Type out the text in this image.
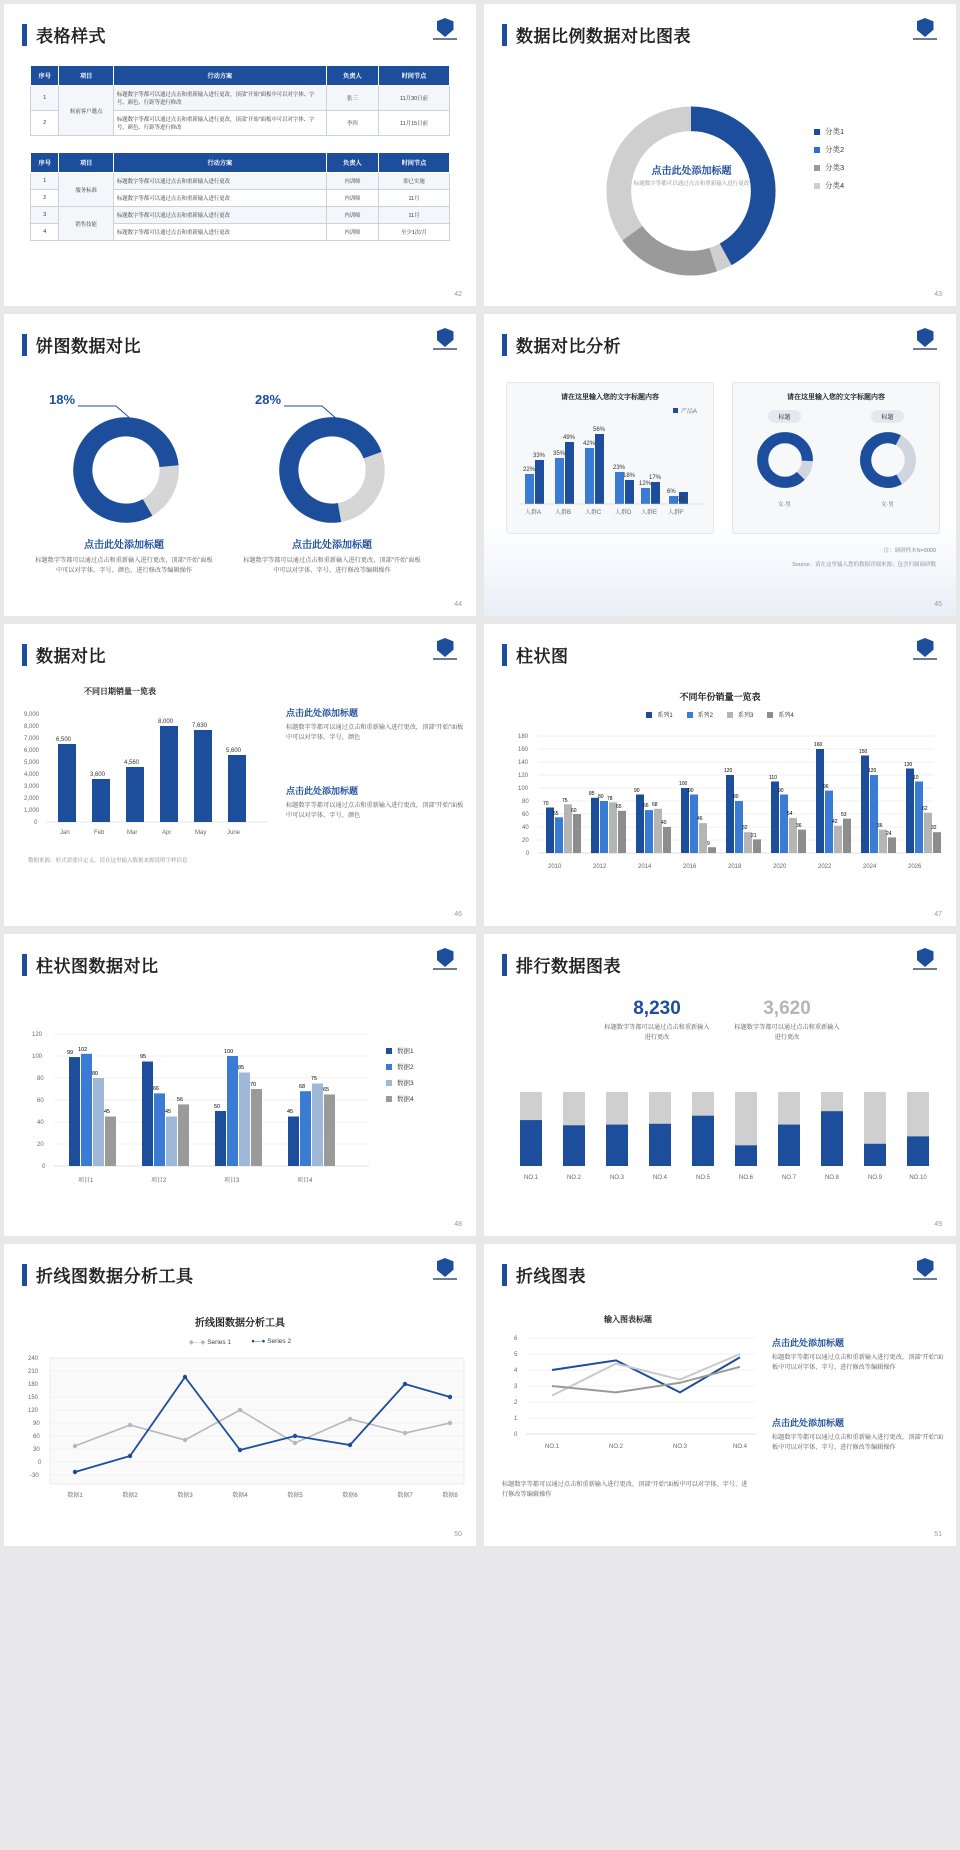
表格样式
序号	项目	行动方案	负责人	时间节点
1	候前客户邀点	标题数字等都可以通过点击和重新输入进行更改，顶部“开始”面板中可以对字体、字号、颜色、行距等进行修改	张三	11月30日前
2		标题数字等都可以通过点击和重新输入进行更改，顶部“开始”面板中可以对字体、字号、颜色、行距等进行修改	李四	11月15日前
序号	项目	行动方案	负责人	时间节点
1	服务标准	标题数字等都可以通过点击和重新输入进行更改	内训师	即已实施
2		标题数字等都可以通过点击和重新输入进行更改	内训师	11月
3	销售技能	标题数字等都可以通过点击和重新输入进行更改	内训师	11月
4		标题数字等都可以通过点击和重新输入进行更改	内训师	至少1次/月
42
数据比例数据对比图表
点击此处添加标题
标题数字等都可以通过点击和重新输入进行更改
分类1
分类2
分类3
分类4
43
饼图数据对比
18%
点击此处添加标题
标题数字等都可以通过点击和重新输入进行更改，顶部“开始”面板中可以对字体、字号、颜色、进行修改等编辑操作
28%
点击此处添加标题
标题数字等都可以通过点击和重新输入进行更改，顶部“开始”面板中可以对字体、字号、进行修改等编辑操作
44
数据对比分析
请在这里输入您的文字标题内容
产品A
22%
33% 35%
49%
42%
56%
23%
18%
12%
17%
6%
9%
人群A 人群B 人群C 人群D 人群E 人群F
请在这里输入您的文字标题内容
标题	标题
12%	34%
女·男	女·男
注：调研样本N=9000
Source：请在这里输入您的数据详细来源；包含归属调研数
45
数据对比
不同日期销量一览表
9,000
8,000
7,000
6,000
5,000
4,000
3,000
2,000
1,000
0
6,500
3,600
4,560
8,000
7,630
5,600
Jan	Feb	Mar	Apr	May	June
数据来源：形式需要自定义，请在这里输入数据来源说明字样信息
点击此处添加标题
标题数字等都可以通过点击和重新输入进行更改，顶部“开始”面板中可以对字体、字号、颜色
点击此处添加标题
标题数字等都可以通过点击和重新输入进行更改，顶部“开始”面板中可以对字体、字号、颜色
46
柱状图
不同年份销量一览表
系列1	系列2	系列3	系列4
180
160
140
120
100
80
60
40
20
0
70
55
75
60
85 80 78
65
90
66 68
40
100
90
46
9
120
80
32
21
110
90
54
36
160
96
42
53
150
120
36
24
130
10
62
32
2010	2012	2014	2016	2018	2020	2022	2024	2026
47
柱状图数据对比
120
100
80
60
40
20
0
99 102
80
45
95
66
45
56
50
100
85
70
45
68
75
65
项目1	项目2	项目3	项目4
数据1
数据2
数据3
数据4
48
排行数据图表
8,230
标题数字等都可以通过点击和重新输入进行更改
3,620
标题数字等都可以通过点击和重新输入进行更改
NO.1	NO.2	NO.3	NO.4	NO.5	NO.6	NO.7	NO.8	NO.9	NO.10
49
折线图数据分析工具
折线图数据分析工具
◆—◆ Series 1	●—● Series 2
240
210
180
150
120
90
60
30
0
-30
数据1	数据2	数据3	数据4	数据5	数据6	数据7	数据8
50
折线图表
输入图表标题
6
5
4
3
2
1
0
NO.1	NO.2	NO.3	NO.4
标题数字等都可以通过点击和重新输入进行更改，顶部“开始”面板中可以对字体、字号、进行修改等编辑操作
点击此处添加标题
标题数字等都可以通过点击和重新输入进行更改，顶部“开始”面板中可以对字体、字号、进行修改等编辑操作
点击此处添加标题
标题数字等都可以通过点击和重新输入进行更改，顶部“开始”面板中可以对字体、字号、进行修改等编辑操作
51
